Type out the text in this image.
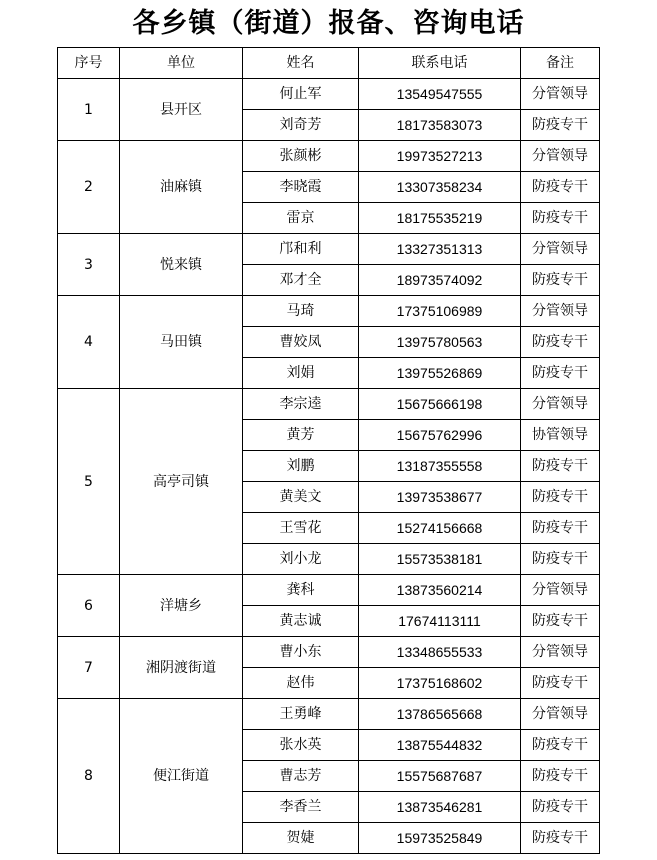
各乡镇（街道）报备、咨询电话
序号	单位	姓名	联系电话	备注
1	县开区	何止军	13549547555	分管领导
		刘奇芳	18173583073	防疫专干
2	油麻镇	张颜彬	19973527213	分管领导
		李晓霞	13307358234	防疫专干
		雷京	18175535219	防疫专干
3	悦来镇	邝和利	13327351313	分管领导
		邓才全	18973574092	防疫专干
4	马田镇	马琦	17375106989	分管领导
		曹姣凤	13975780563	防疫专干
		刘娟	13975526869	防疫专干
5	高亭司镇	李宗逵	15675666198	分管领导
		黄芳	15675762996	协管领导
		刘鹏	13187355558	防疫专干
		黄美文	13973538677	防疫专干
		王雪花	15274156668	防疫专干
		刘小龙	15573538181	防疫专干
6	洋塘乡	龚科	13873560214	分管领导
		黄志诚	17674113111	防疫专干
7	湘阴渡街道	曹小东	13348655533	分管领导
		赵伟	17375168602	防疫专干
8	便江街道	王勇峰	13786565668	分管领导
		张水英	13875544832	防疫专干
		曹志芳	15575687687	防疫专干
		李香兰	13873546281	防疫专干
		贺婕	15973525849	防疫专干
